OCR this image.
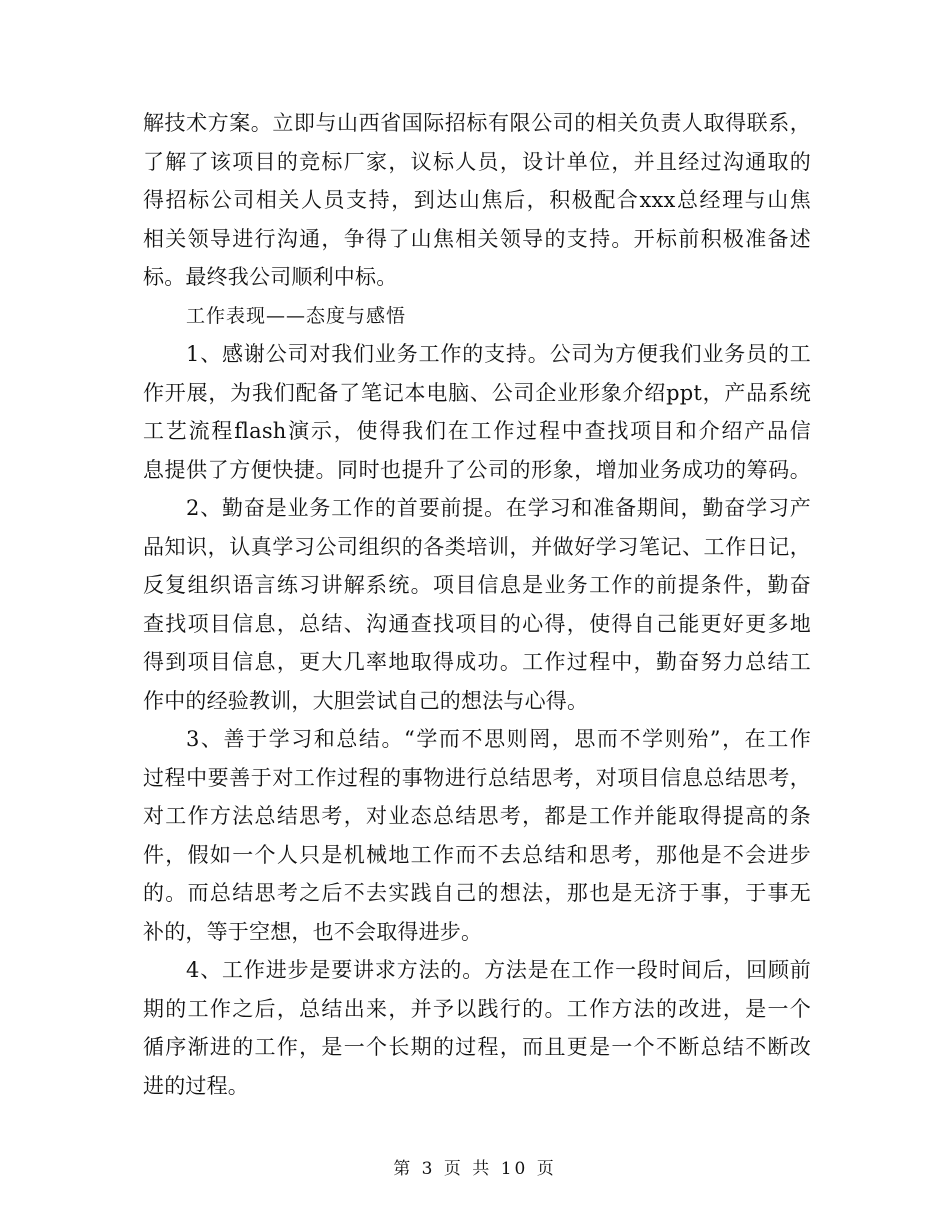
解技术方案。立即与山西省国际招标有限公司的相关负责人取得联系，
了解了该项目的竞标厂家，议标人员，设计单位，并且经过沟通取的
得招标公司相关人员支持，到达山焦后，积极配合xxx总经理与山焦
相关领导进行沟通，争得了山焦相关领导的支持。开标前积极准备述
标。最终我公司顺利中标。
工作表现——态度与感悟
1、感谢公司对我们业务工作的支持。公司为方便我们业务员的工
作开展，为我们配备了笔记本电脑、公司企业形象介绍ppt，产品系统
工艺流程flash演示，使得我们在工作过程中查找项目和介绍产品信
息提供了方便快捷。同时也提升了公司的形象，增加业务成功的筹码。
2、勤奋是业务工作的首要前提。在学习和准备期间，勤奋学习产
品知识，认真学习公司组织的各类培训，并做好学习笔记、工作日记，
反复组织语言练习讲解系统。项目信息是业务工作的前提条件，勤奋
查找项目信息，总结、沟通查找项目的心得，使得自己能更好更多地
得到项目信息，更大几率地取得成功。工作过程中，勤奋努力总结工
作中的经验教训，大胆尝试自己的想法与心得。
3、善于学习和总结。“学而不思则罔，思而不学则殆”，在工作
过程中要善于对工作过程的事物进行总结思考，对项目信息总结思考，
对工作方法总结思考，对业态总结思考，都是工作并能取得提高的条
件，假如一个人只是机械地工作而不去总结和思考，那他是不会进步
的。而总结思考之后不去实践自己的想法，那也是无济于事，于事无
补的，等于空想，也不会取得进步。
4、工作进步是要讲求方法的。方法是在工作一段时间后，回顾前
期的工作之后，总结出来，并予以践行的。工作方法的改进，是一个
循序渐进的工作，是一个长期的过程，而且更是一个不断总结不断改
进的过程。
第 3 页 共 10 页
